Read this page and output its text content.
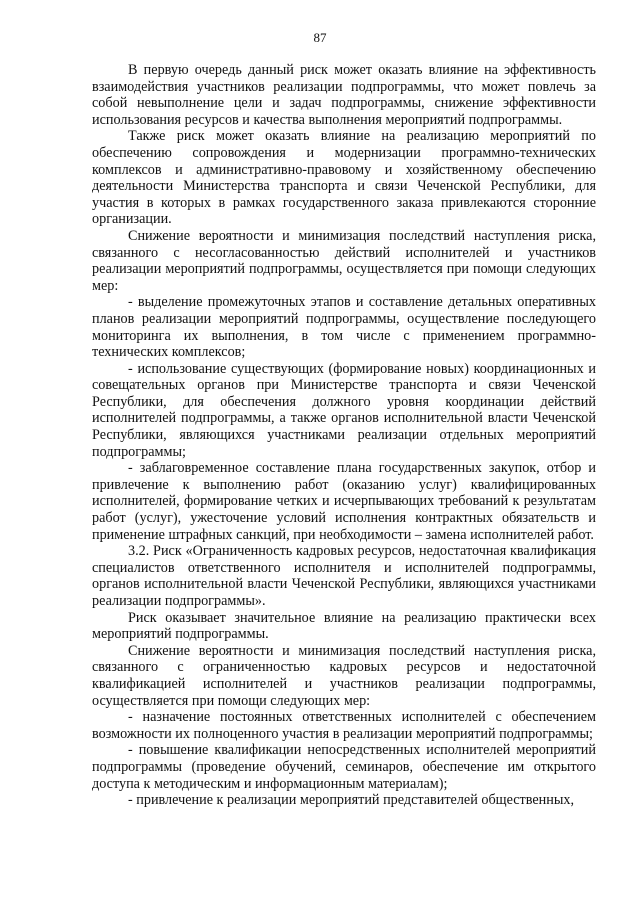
87

В первую очередь данный риск может оказать влияние на эффективность взаимодействия участников реализации подпрограммы, что может повлечь за собой невыполнение цели и задач подпрограммы, снижение эффективности использования ресурсов и качества выполнения мероприятий подпрограммы.

Также риск может оказать влияние на реализацию мероприятий по обеспечению сопровождения и модернизации программно-технических комплексов и административно-правовому и хозяйственному обеспечению деятельности Министерства транспорта и связи Чеченской Республики, для участия в которых в рамках государственного заказа привлекаются сторонние организации.

Снижение вероятности и минимизация последствий наступления риска, связанного с несогласованностью действий исполнителей и участников реализации мероприятий подпрограммы, осуществляется при помощи следующих мер:

- выделение промежуточных этапов и составление детальных оперативных планов реализации мероприятий подпрограммы, осуществление последующего мониторинга их выполнения, в том числе с применением программно-технических комплексов;

- использование существующих (формирование новых) координационных и совещательных органов при Министерстве транспорта и связи Чеченской Республики, для обеспечения должного уровня координации действий исполнителей подпрограммы, а также органов исполнительной власти Чеченской Республики, являющихся участниками реализации отдельных мероприятий подпрограммы;

- заблаговременное составление плана государственных закупок, отбор и привлечение к выполнению работ (оказанию услуг) квалифицированных исполнителей, формирование четких и исчерпывающих требований к результатам работ (услуг), ужесточение условий исполнения контрактных обязательств и применение штрафных санкций, при необходимости – замена исполнителей работ.

3.2. Риск «Ограниченность кадровых ресурсов, недостаточная квалификация специалистов ответственного исполнителя и исполнителей подпрограммы, органов исполнительной власти Чеченской Республики, являющихся участниками реализации подпрограммы».

Риск оказывает значительное влияние на реализацию практически всех мероприятий подпрограммы.

Снижение вероятности и минимизация последствий наступления риска, связанного с ограниченностью кадровых ресурсов и недостаточной квалификацией исполнителей и участников реализации подпрограммы, осуществляется при помощи следующих мер:

- назначение постоянных ответственных исполнителей с обеспечением возможности их полноценного участия в реализации мероприятий подпрограммы;

- повышение квалификации непосредственных исполнителей мероприятий подпрограммы (проведение обучений, семинаров, обеспечение им открытого доступа к методическим и информационным материалам);

- привлечение к реализации мероприятий представителей общественных,
